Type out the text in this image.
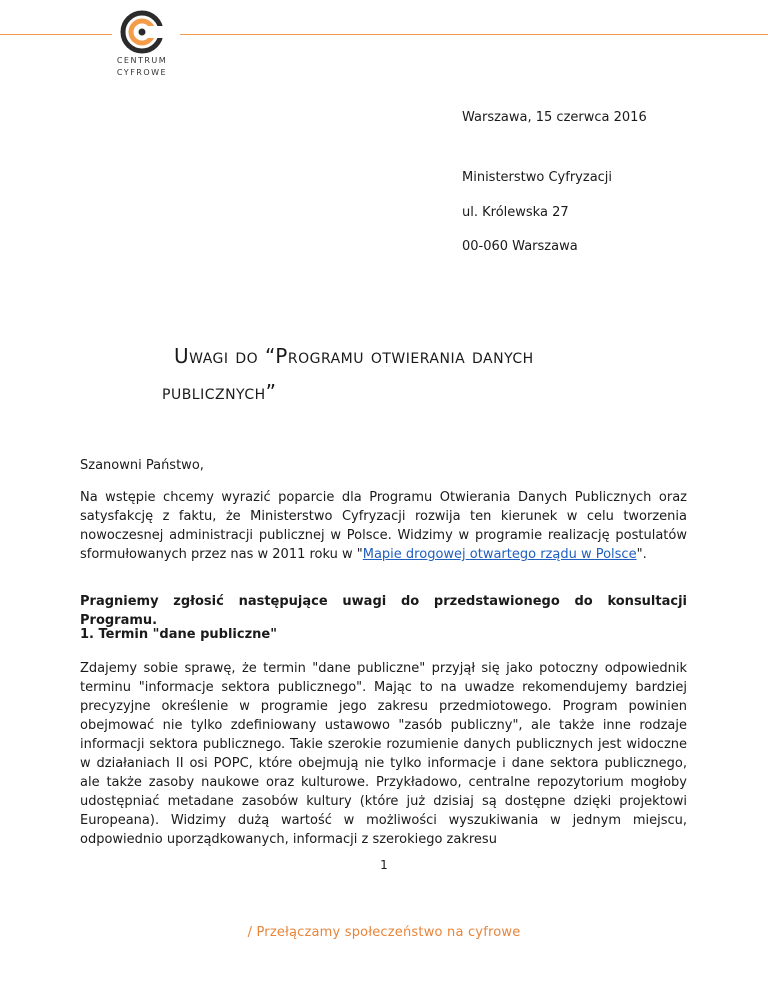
CENTRUM
CYFROWE
Warszawa, 15 czerwca 2016
Ministerstwo Cyfryzacji
ul. Królewska 27
00-060 Warszawa
Uwagi do “Programu otwierania danych
publicznych”
Szanowni Państwo,
Na wstępie chcemy wyrazić poparcie dla Programu Otwierania Danych Publicznych oraz satysfakcję z faktu, że Ministerstwo Cyfryzacji rozwija ten kierunek w celu tworzenia nowoczesnej administracji publicznej w Polsce. Widzimy w programie realizację postulatów sformułowanych przez nas w 2011 roku w "Mapie drogowej otwartego rządu w Polsce".
Pragniemy zgłosić następujące uwagi do przedstawionego do konsultacji Programu.
1. Termin "dane publiczne"
Zdajemy sobie sprawę, że termin "dane publiczne" przyjął się jako potoczny odpowiednik terminu "informacje sektora publicznego". Mając to na uwadze rekomendujemy bardziej precyzyjne określenie w programie jego zakresu przedmiotowego. Program powinien obejmować nie tylko zdefiniowany ustawowo "zasób publiczny", ale także inne rodzaje informacji sektora publicznego. Takie szerokie rozumienie danych publicznych jest widoczne w działaniach II osi POPC, które obejmują nie tylko informacje i dane sektora publicznego, ale także zasoby naukowe oraz kulturowe. Przykładowo, centralne repozytorium mogłoby udostępniać metadane zasobów kultury (które już dzisiaj są dostępne dzięki projektowi Europeana). Widzimy dużą wartość w możliwości wyszukiwania w jednym miejscu, odpowiednio uporządkowanych, informacji z szerokiego zakresu
1
/ Przełączamy społeczeństwo na cyfrowe
